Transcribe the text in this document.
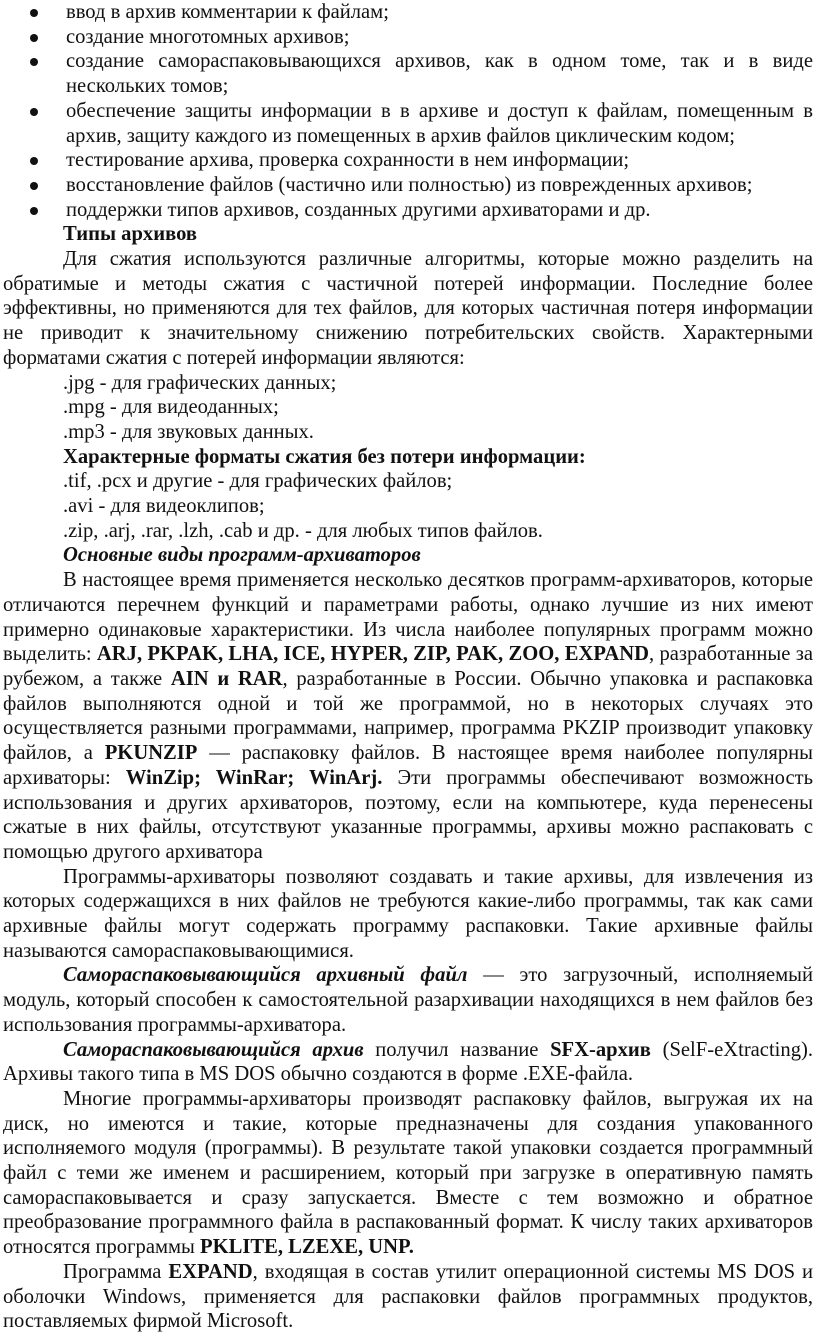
ввод в архив комментарии к файлам;
создание многотомных архивов;
создание самораспаковывающихся архивов, как в одном томе, так и в виде нескольких томов;
обеспечение защиты информации в в архиве и доступ к файлам, помещенным в архив, защиту каждого из помещенных в архив файлов циклическим кодом;
тестирование архива, проверка сохранности в нем информации;
восстановление файлов (частично или полностью) из поврежденных архивов;
поддержки типов архивов, созданных другими архиваторами и др.

Типы архивов

Для сжатия используются различные алгоритмы, которые можно разделить на обратимые и методы сжатия с частичной потерей информации. Последние более эффективны, но применяются для тех файлов, для которых частичная потеря информации не приводит к значительному снижению потребительских свойств. Характерными форматами сжатия с потерей информации являются:

.jpg - для графических данных;

.mpg - для видеоданных;

.mp3 - для звуковых данных.

Характерные форматы сжатия без потери информации:

.tif, .pcx и другие - для графических файлов;

.avi - для видеоклипов;

.zip, .arj, .rar, .lzh, .cab и др. - для любых типов файлов.

Основные виды программ-архиваторов

В настоящее время применяется несколько десятков программ-архиваторов, которые отличаются перечнем функций и параметрами работы, однако лучшие из них имеют примерно одинаковые характеристики. Из числа наиболее популярных программ можно выделить: ARJ, PKPAK, LHA, ICE, HYPER, ZIP, PAK, ZOO, EXPAND, разработанные за рубежом, а также AIN и RAR, разработанные в России. Обычно упаковка и распаковка файлов выполняются одной и той же программой, но в некоторых случаях это осуществляется разными программами, например, программа PKZIP производит упаковку файлов, а PKUNZIP — распаковку файлов. В настоящее время наиболее популярны архиваторы: WinZip; WinRar; WinArj. Эти программы обеспечивают возможность использования и других архиваторов, поэтому, если на компьютере, куда перенесены сжатые в них файлы, отсутствуют указанные программы, архивы можно распаковать с помощью другого архиватора

Программы-архиваторы позволяют создавать и такие архивы, для извлечения из которых содержащихся в них файлов не требуются какие-либо программы, так как сами архивные файлы могут содержать программу распаковки. Такие архивные файлы называются самораспаковывающимися.

Самораспаковывающийся архивный файл — это загрузочный, исполняемый модуль, который способен к самостоятельной разархивации находящихся в нем файлов без использования программы-архиватора.

Самораспаковывающийся архив получил название SFX-архив (SelF-eXtracting). Архивы такого типа в MS DOS обычно создаются в форме .EXE-файла.

Многие программы-архиваторы производят распаковку файлов, выгружая их на диск, но имеются и такие, которые предназначены для создания упакованного исполняемого модуля (программы). В результате такой упаковки создается программный файл с теми же именем и расширением, который при загрузке в оперативную память самораспаковывается и сразу запускается. Вместе с тем возможно и обратное преобразование программного файла в распакованный формат. К числу таких архиваторов относятся программы PKLITE, LZEXE, UNP.

Программа EXPAND, входящая в состав утилит операционной системы MS DOS и оболочки Windows, применяется для распаковки файлов программных продуктов, поставляемых фирмой Microsoft.
